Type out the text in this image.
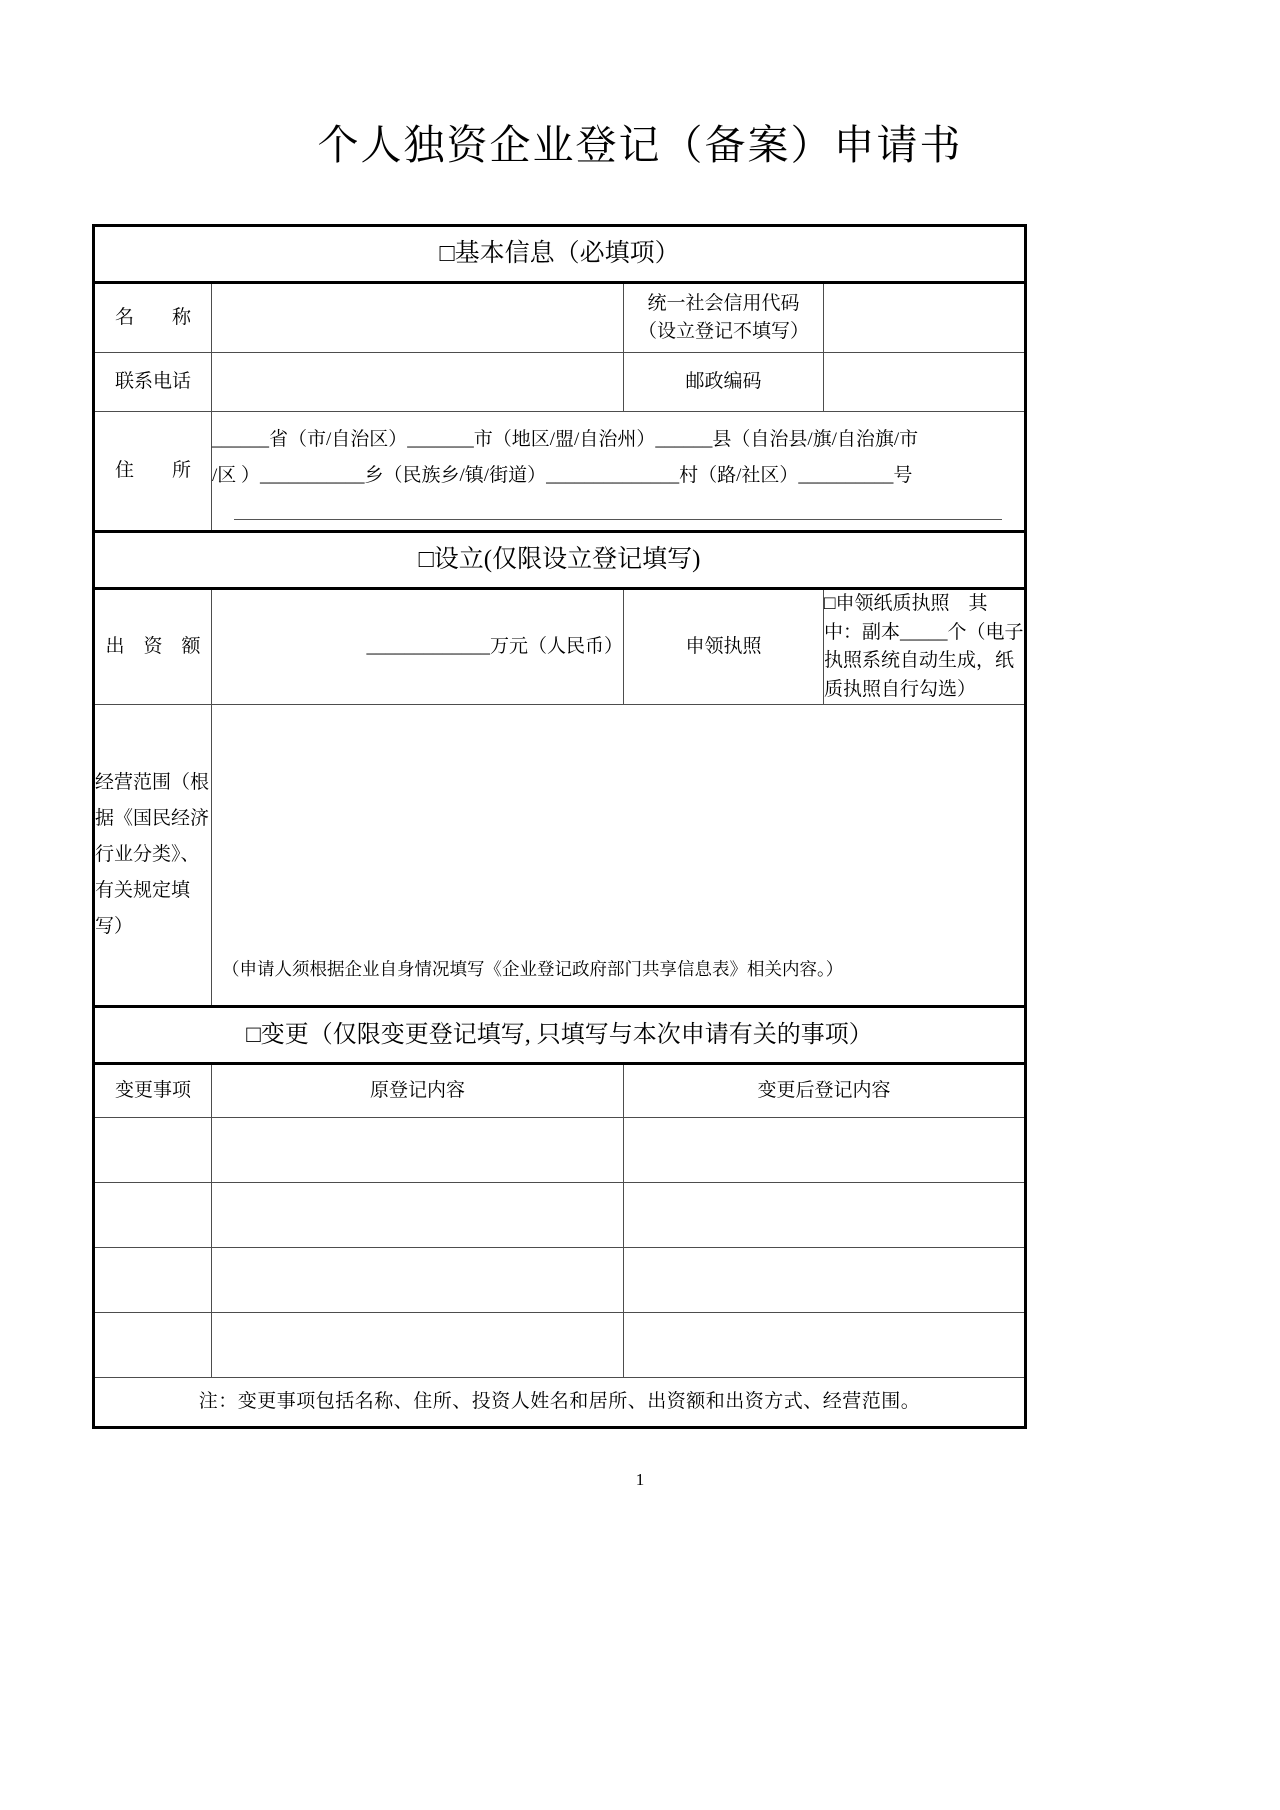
个人独资企业登记（备案）申请书
□基本信息（必填项）			
名　　称		统一社会信用代码
（设立登记不填写）	

联系电话		邮政编码	
住　　所	______省（市/自治区）_______市（地区/盟/自治州）______县（自治县/旗/自治旗/市
/区 ）___________乡（民族乡/镇/街道）______________村（路/社区）__________号		

□设立(仅限设立登记填写)			
出　资　额	_____________万元（人民币）	申领执照	□申领纸质执照　其中：副本_____个（电子执照系统自动生成，纸质执照自行勾选）
经营范围（根据《国民经济行业分类》、有关规定填写）	（申请人须根据企业自身情况填写《企业登记政府部门共享信息表》相关内容。）		

□变更（仅限变更登记填写, 只填写与本次申请有关的事项）			
变更事项	原登记内容	变更后登记内容	

注：变更事项包括名称、住所、投资人姓名和居所、出资额和出资方式、经营范围。			
1
